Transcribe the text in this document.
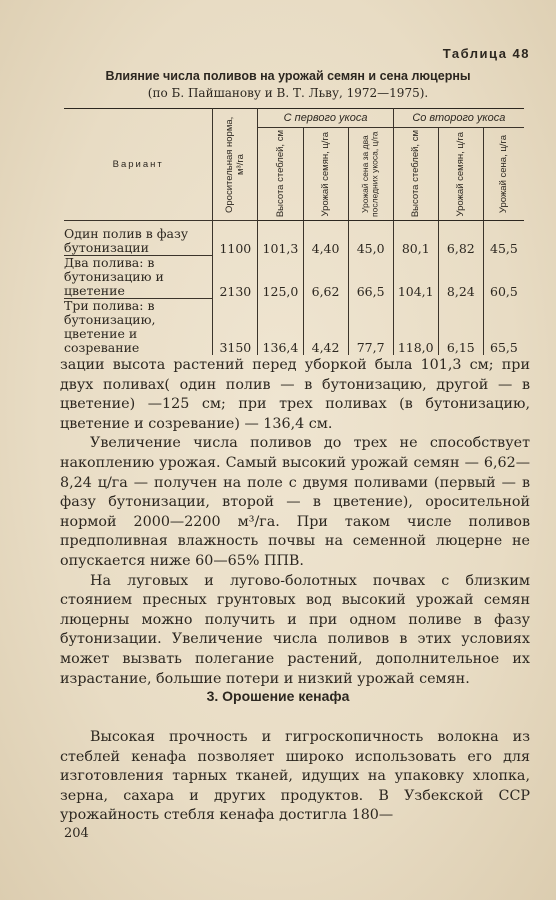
Таблица 48
Влияние числа поливов на урожай семян и сена люцерны
(по Б. Пайшанову и В. Т. Льву, 1972—1975).
Вариант	Оросительная норма, м³/га	С первого укоса			Со второго укоса		

		Высота стеблей, см	Урожай семян, ц/га	Урожай сена за два последних укоса, ц/га	Высота стеблей, см	Урожай семян, ц/га	Урожай сена, ц/га

Один полив в фазу бутонизации	1100	101,3	4,40	45,0	80,1	6,82	45,5
Два полива: в бутонизацию и цветение	2130	125,0	6,62	66,5	104,1	8,24	60,5
Три полива: в бутонизацию, цветение и созревание	3150	136,4	4,42	77,7	118,0	6,15	65,5

зации высота растений перед уборкой была 101,3 см; при двух поливах( один полив — в бутонизацию, другой — в цветение) —125 см; при трех поливах (в бутонизацию, цветение и созревание) — 136,4 см.

Увеличение числа поливов до трех не способствует накоплению урожая. Самый высокий урожай семян — 6,62—8,24 ц/га — получен на поле с двумя поливами (первый — в фазу бутонизации, второй — в цветение), оросительной нормой 2000—2200 м³/га. При таком числе поливов предполивная влажность почвы на семенной люцерне не опускается ниже 60—65% ППВ.

На луговых и лугово-болотных почвах с близким стоянием пресных грунтовых вод высокий урожай семян люцерны можно получить и при одном поливе в фазу бутонизации. Увеличение числа поливов в этих условиях может вызвать полегание растений, дополнительное их израстание, большие потери и низкий урожай семян.

3. Орошение кенафа

Высокая прочность и гигроскопичность волокна из стеблей кенафа позволяет широко использовать его для изготовления тарных тканей, идущих на упаковку хлопка, зерна, сахара и других продуктов. В Узбекской ССР урожайность стебля кенафа достигла 180—

204
